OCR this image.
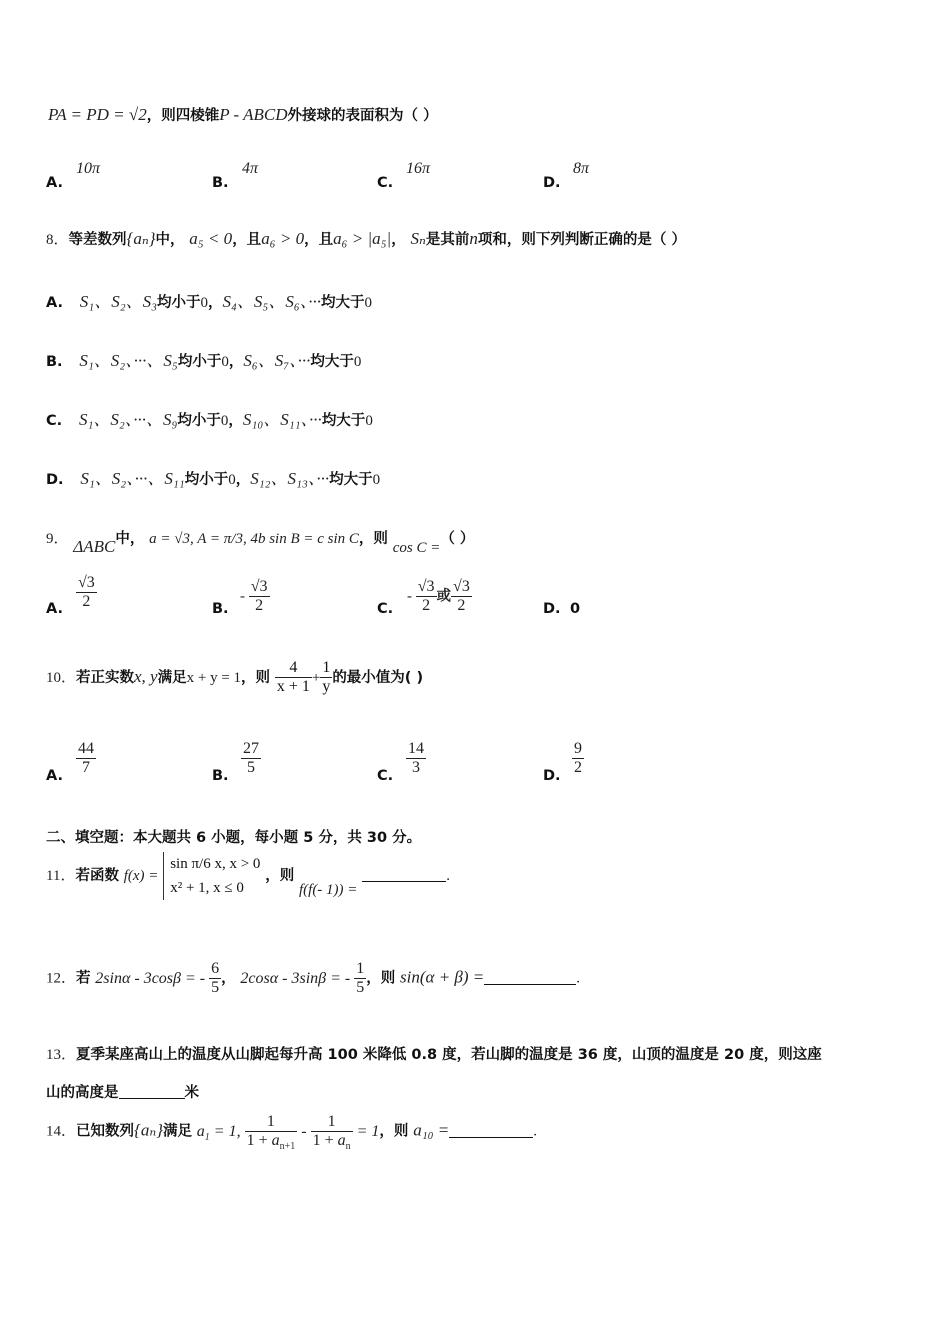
PA = PD = √2，则四棱锥P - ABCD外接球的表面积为（ ）
A.
10π
B.
4π
C.
16π
D.
8π
8．等差数列{aₙ}中， a₅ < 0，且a₆ > 0，且a₆ > |a₅|， Sₙ是其前n项和，则下列判断正确的是（ ）
A. S₁、S₂、S₃均小于0，S₄、S₅、S₆、···均大于0
B. S₁、S₂、···、S₅均小于0，S₆、S₇、···均大于0
C. S₁、S₂、···、S₉均小于0，S₁₀、S₁₁、···均大于0
D. S₁、S₂、···、S₁₁均小于0，S₁₂、S₁₃、···均大于0
9． ΔABC中， a = √3, A = π/3, 4b sin B = c sin C，则 cos C =（ ）
A. $\frac{√3}{2}$	B.
- $\frac{√3}{2}$	C.
- $\frac{√3}{2}$ 或 $\frac{√3}{2}$	D. 0
10．若正实数x, y满足x + y = 1，则 $\frac{4}{x + 1} + \frac{1}{y}$ 的最小值为( )
A. $\frac{44}{7}$	B. $\frac{27}{5}$	C. $\frac{14}{3}$	D. $\frac{9}{2}$
二、填空题：本大题共 6 小题，每小题 5 分，共 30 分。
11．若函数 f(x) =
sin π/6 x, x > 0
x² + 1, x ≤ 0
，则 f(f(- 1)) = .
12．若 2sinα - 3cosβ = - $\frac{6}{5}$ ， 2cosα - 3sinβ = - $\frac{1}{5}$ ，则 sin(α + β) =	.
13．夏季某座高山上的温度从山脚起每升高 100 米降低 0.8 度，若山脚的温度是 36 度，山顶的温度是 20 度，则这座
山的高度是	米
14．已知数列{aₙ}满足 $a_1 = 1$, $\frac{1}{1 + a_{n+1}} - \frac{1}{1 + a_n} = 1$，则 a₁₀ =	.
